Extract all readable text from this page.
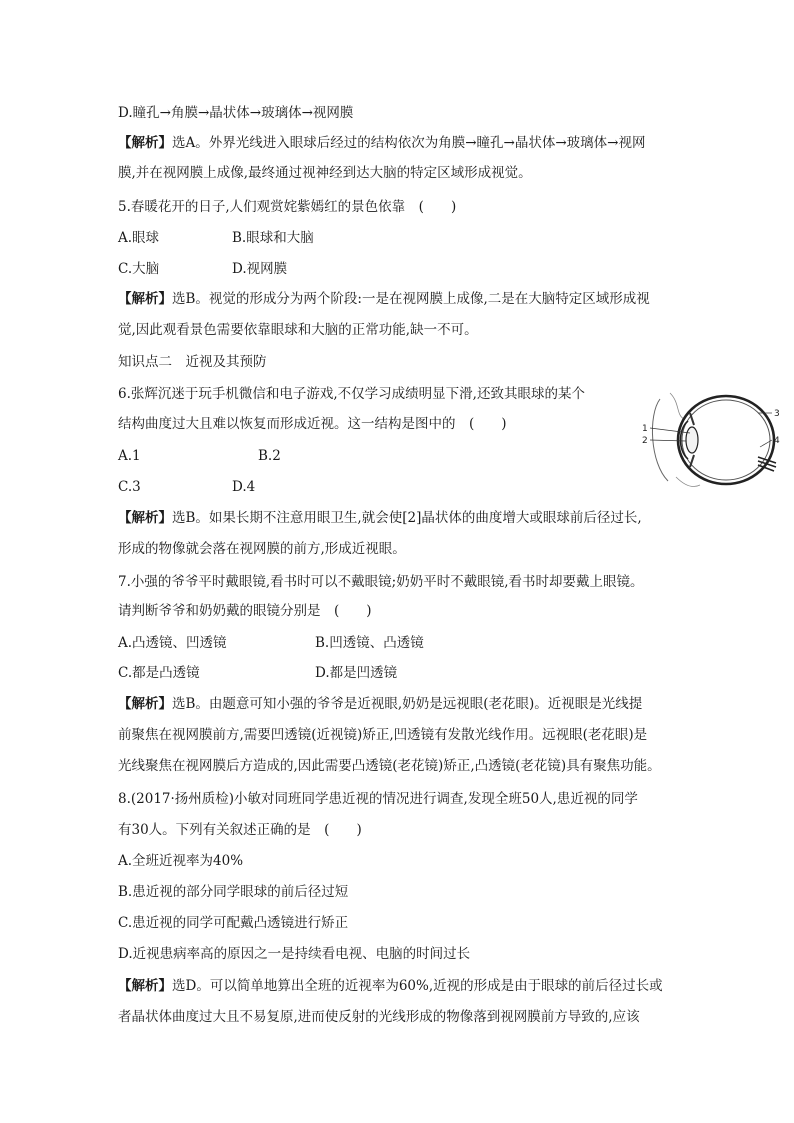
D.瞳孔→角膜→晶状体→玻璃体→视网膜
【解析】选A。外界光线进入眼球后经过的结构依次为角膜→瞳孔→晶状体→玻璃体→视网
膜,并在视网膜上成像,最终通过视神经到达大脑的特定区域形成视觉。
5.春暖花开的日子,人们观赏姹紫嫣红的景色依靠　(　　)
A.眼球	B.眼球和大脑
C.大脑	D.视网膜
【解析】选B。视觉的形成分为两个阶段:一是在视网膜上成像,二是在大脑特定区域形成视
觉,因此观看景色需要依靠眼球和大脑的正常功能,缺一不可。
知识点二　近视及其预防
6.张辉沉迷于玩手机微信和电子游戏,不仅学习成绩明显下滑,还致其眼球的某个
结构曲度过大且难以恢复而形成近视。这一结构是图中的　(　　)
A.1	B.2
C.3	D.4
1
2
3
4
【解析】选B。如果长期不注意用眼卫生,就会使[2]晶状体的曲度增大或眼球前后径过长,
形成的物像就会落在视网膜的前方,形成近视眼。
7.小强的爷爷平时戴眼镜,看书时可以不戴眼镜;奶奶平时不戴眼镜,看书时却要戴上眼镜。
请判断爷爷和奶奶戴的眼镜分别是　(　　)
A.凸透镜、凹透镜	B.凹透镜、凸透镜
C.都是凸透镜	D.都是凹透镜
【解析】选B。由题意可知小强的爷爷是近视眼,奶奶是远视眼(老花眼)。近视眼是光线提
前聚焦在视网膜前方,需要凹透镜(近视镜)矫正,凹透镜有发散光线作用。远视眼(老花眼)是
光线聚焦在视网膜后方造成的,因此需要凸透镜(老花镜)矫正,凸透镜(老花镜)具有聚焦功能。
8.(2017·扬州质检)小敏对同班同学患近视的情况进行调查,发现全班50人,患近视的同学
有30人。下列有关叙述正确的是　(　　)
A.全班近视率为40%
B.患近视的部分同学眼球的前后径过短
C.患近视的同学可配戴凸透镜进行矫正
D.近视患病率高的原因之一是持续看电视、电脑的时间过长
【解析】选D。可以简单地算出全班的近视率为60%,近视的形成是由于眼球的前后径过长或
者晶状体曲度过大且不易复原,进而使反射的光线形成的物像落到视网膜前方导致的,应该
